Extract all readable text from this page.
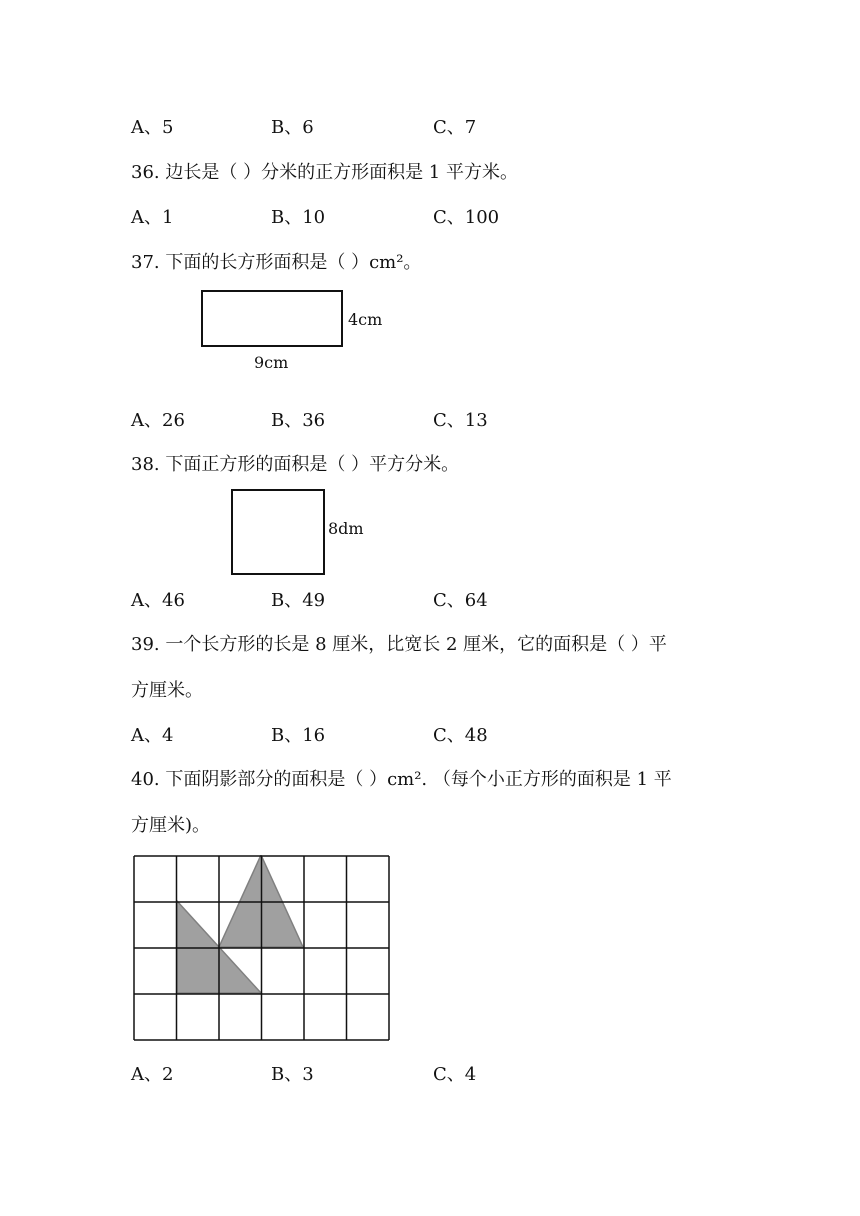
A、5	B、6	C、7
36. 边长是（ ）分米的正方形面积是 1 平方米。
A、1	B、10	C、100
37. 下面的长方形面积是（ ）cm²。
4cm
9cm
A、26	B、36	C、13
38. 下面正方形的面积是（ ）平方分米。
8dm
A、46	B、49	C、64
39. 一个长方形的长是 8 厘米，比宽长 2 厘米，它的面积是（ ）平
方厘米。
A、4	B、16	C、48
40. 下面阴影部分的面积是（ ）cm². （每个小正方形的面积是 1 平
方厘米)。
A、2	B、3	C、4
